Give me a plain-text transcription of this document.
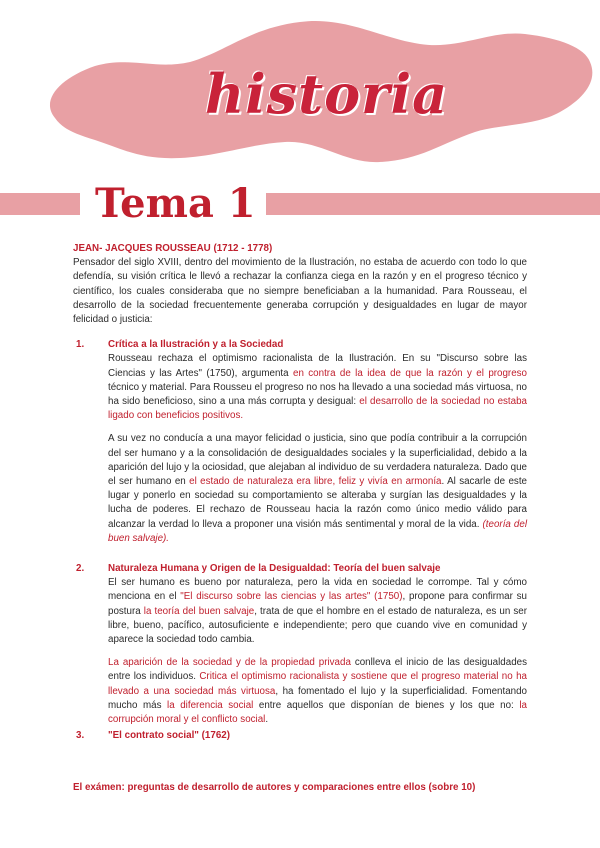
historia
Tema 1
JEAN- JACQUES ROUSSEAU (1712 - 1778)

Pensador del siglo XVIII, dentro del movimiento de la Ilustración, no estaba de acuerdo con todo lo que defendía, su visión crítica le llevó a rechazar la confianza ciega en la razón y en el progreso técnico y científico, los cuales consideraba que no siempre beneficiaban a la humanidad. Para Rousseau, el desarrollo de la sociedad frecuentemente generaba corrupción y desigualdades en lugar de mayor felicidad o justicia:

1.	Crítica a la Ilustración y a la Sociedad

Rousseau rechaza el optimismo racionalista de la Ilustración. En su "Discurso sobre las Ciencias y las Artes" (1750), argumenta en contra de la idea de que la razón y el progreso técnico y material. Para Rousseu el progreso no nos ha llevado a una sociedad más virtuosa, no ha sido beneficioso, sino a una más corrupta y desigual: el desarrollo de la sociedad no estaba ligado con beneficios positivos.

A su vez no conducía a una mayor felicidad o justicia, sino que podía contribuir a la corrupción del ser humano y a la consolidación de desigualdades sociales y la superficialidad, debido a la aparición del lujo y la ociosidad, que alejaban al individuo de su verdadera naturaleza. Dado que el ser humano en el estado de naturaleza era libre, feliz y vivía en armonía. Al sacarle de este lugar y ponerlo en sociedad su comportamiento se alteraba y surgían las desigualdades y la lucha de poderes. El rechazo de Rousseau hacia la razón como único medio válido para alcanzar la verdad lo lleva a proponer una visión más sentimental y moral de la vida. (teoría del buen salvaje).

2.	Naturaleza Humana y Origen de la Desigualdad: Teoría del buen salvaje

El ser humano es bueno por naturaleza, pero la vida en sociedad le corrompe. Tal y cómo menciona en el "El discurso sobre las ciencias y las artes" (1750), propone para confirmar su postura la teoría del buen salvaje, trata de que el hombre en el estado de naturaleza, es un ser libre, bueno, pacífico, autosuficiente e independiente; pero que cuando vive en comunidad y aparece la sociedad todo cambia.

La aparición de la sociedad y de la propiedad privada conlleva el inicio de las desigualdades entre los individuos. Critica el optimismo racionalista y sostiene que el progreso material no ha llevado a una sociedad más virtuosa, ha fomentado el lujo y la superficialidad. Fomentando mucho más la diferencia social entre aquellos que disponían de bienes y los que no: la corrupción moral y el conflicto social.

3.	"El contrato social" (1762)
El exámen: preguntas de desarrollo de autores y comparaciones entre ellos (sobre 10)
